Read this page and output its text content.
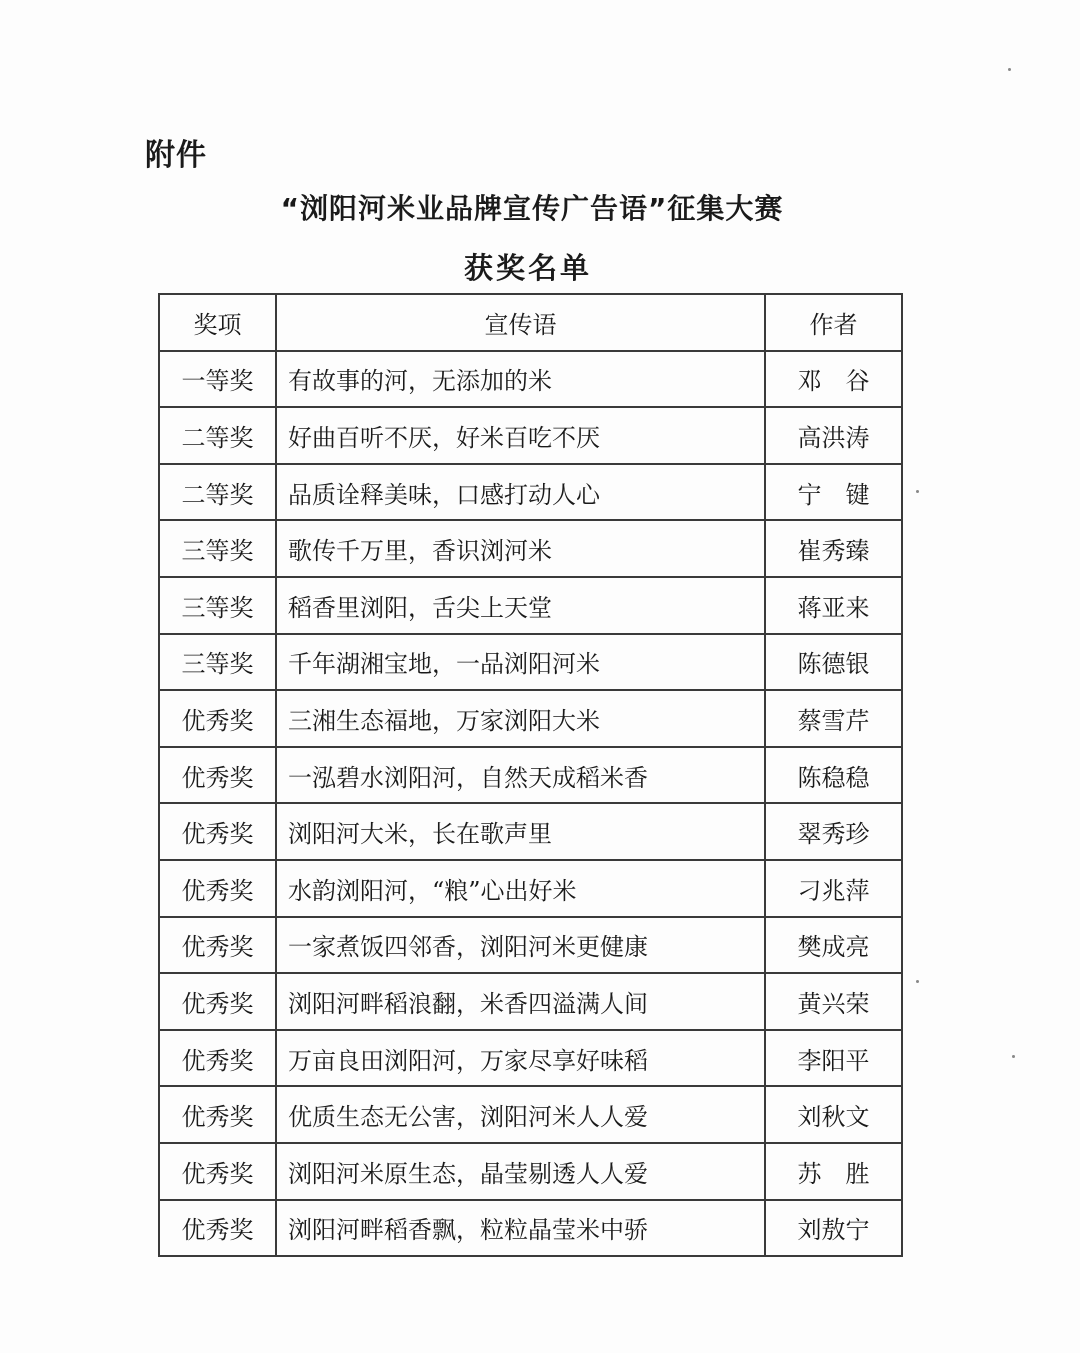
附件
“浏阳河米业品牌宣传广告语”征集大赛
获奖名单
奖项	宣传语	作者
一等奖	有故事的河，无添加的米	邓　谷
二等奖	好曲百听不厌，好米百吃不厌	高洪涛
二等奖	品质诠释美味，口感打动人心	宁　键
三等奖	歌传千万里，香识浏河米	崔秀臻
三等奖	稻香里浏阳，舌尖上天堂	蒋亚来
三等奖	千年湖湘宝地，一品浏阳河米	陈德银
优秀奖	三湘生态福地，万家浏阳大米	蔡雪芹
优秀奖	一泓碧水浏阳河，自然天成稻米香	陈稳稳
优秀奖	浏阳河大米，长在歌声里	翠秀珍
优秀奖	水韵浏阳河，“粮”心出好米	刁兆萍
优秀奖	一家煮饭四邻香，浏阳河米更健康	樊成亮
优秀奖	浏阳河畔稻浪翻，米香四溢满人间	黄兴荣
优秀奖	万亩良田浏阳河，万家尽享好味稻	李阳平
优秀奖	优质生态无公害，浏阳河米人人爱	刘秋文
优秀奖	浏阳河米原生态，晶莹剔透人人爱	苏　胜
优秀奖	浏阳河畔稻香飘，粒粒晶莹米中骄	刘敖宁
